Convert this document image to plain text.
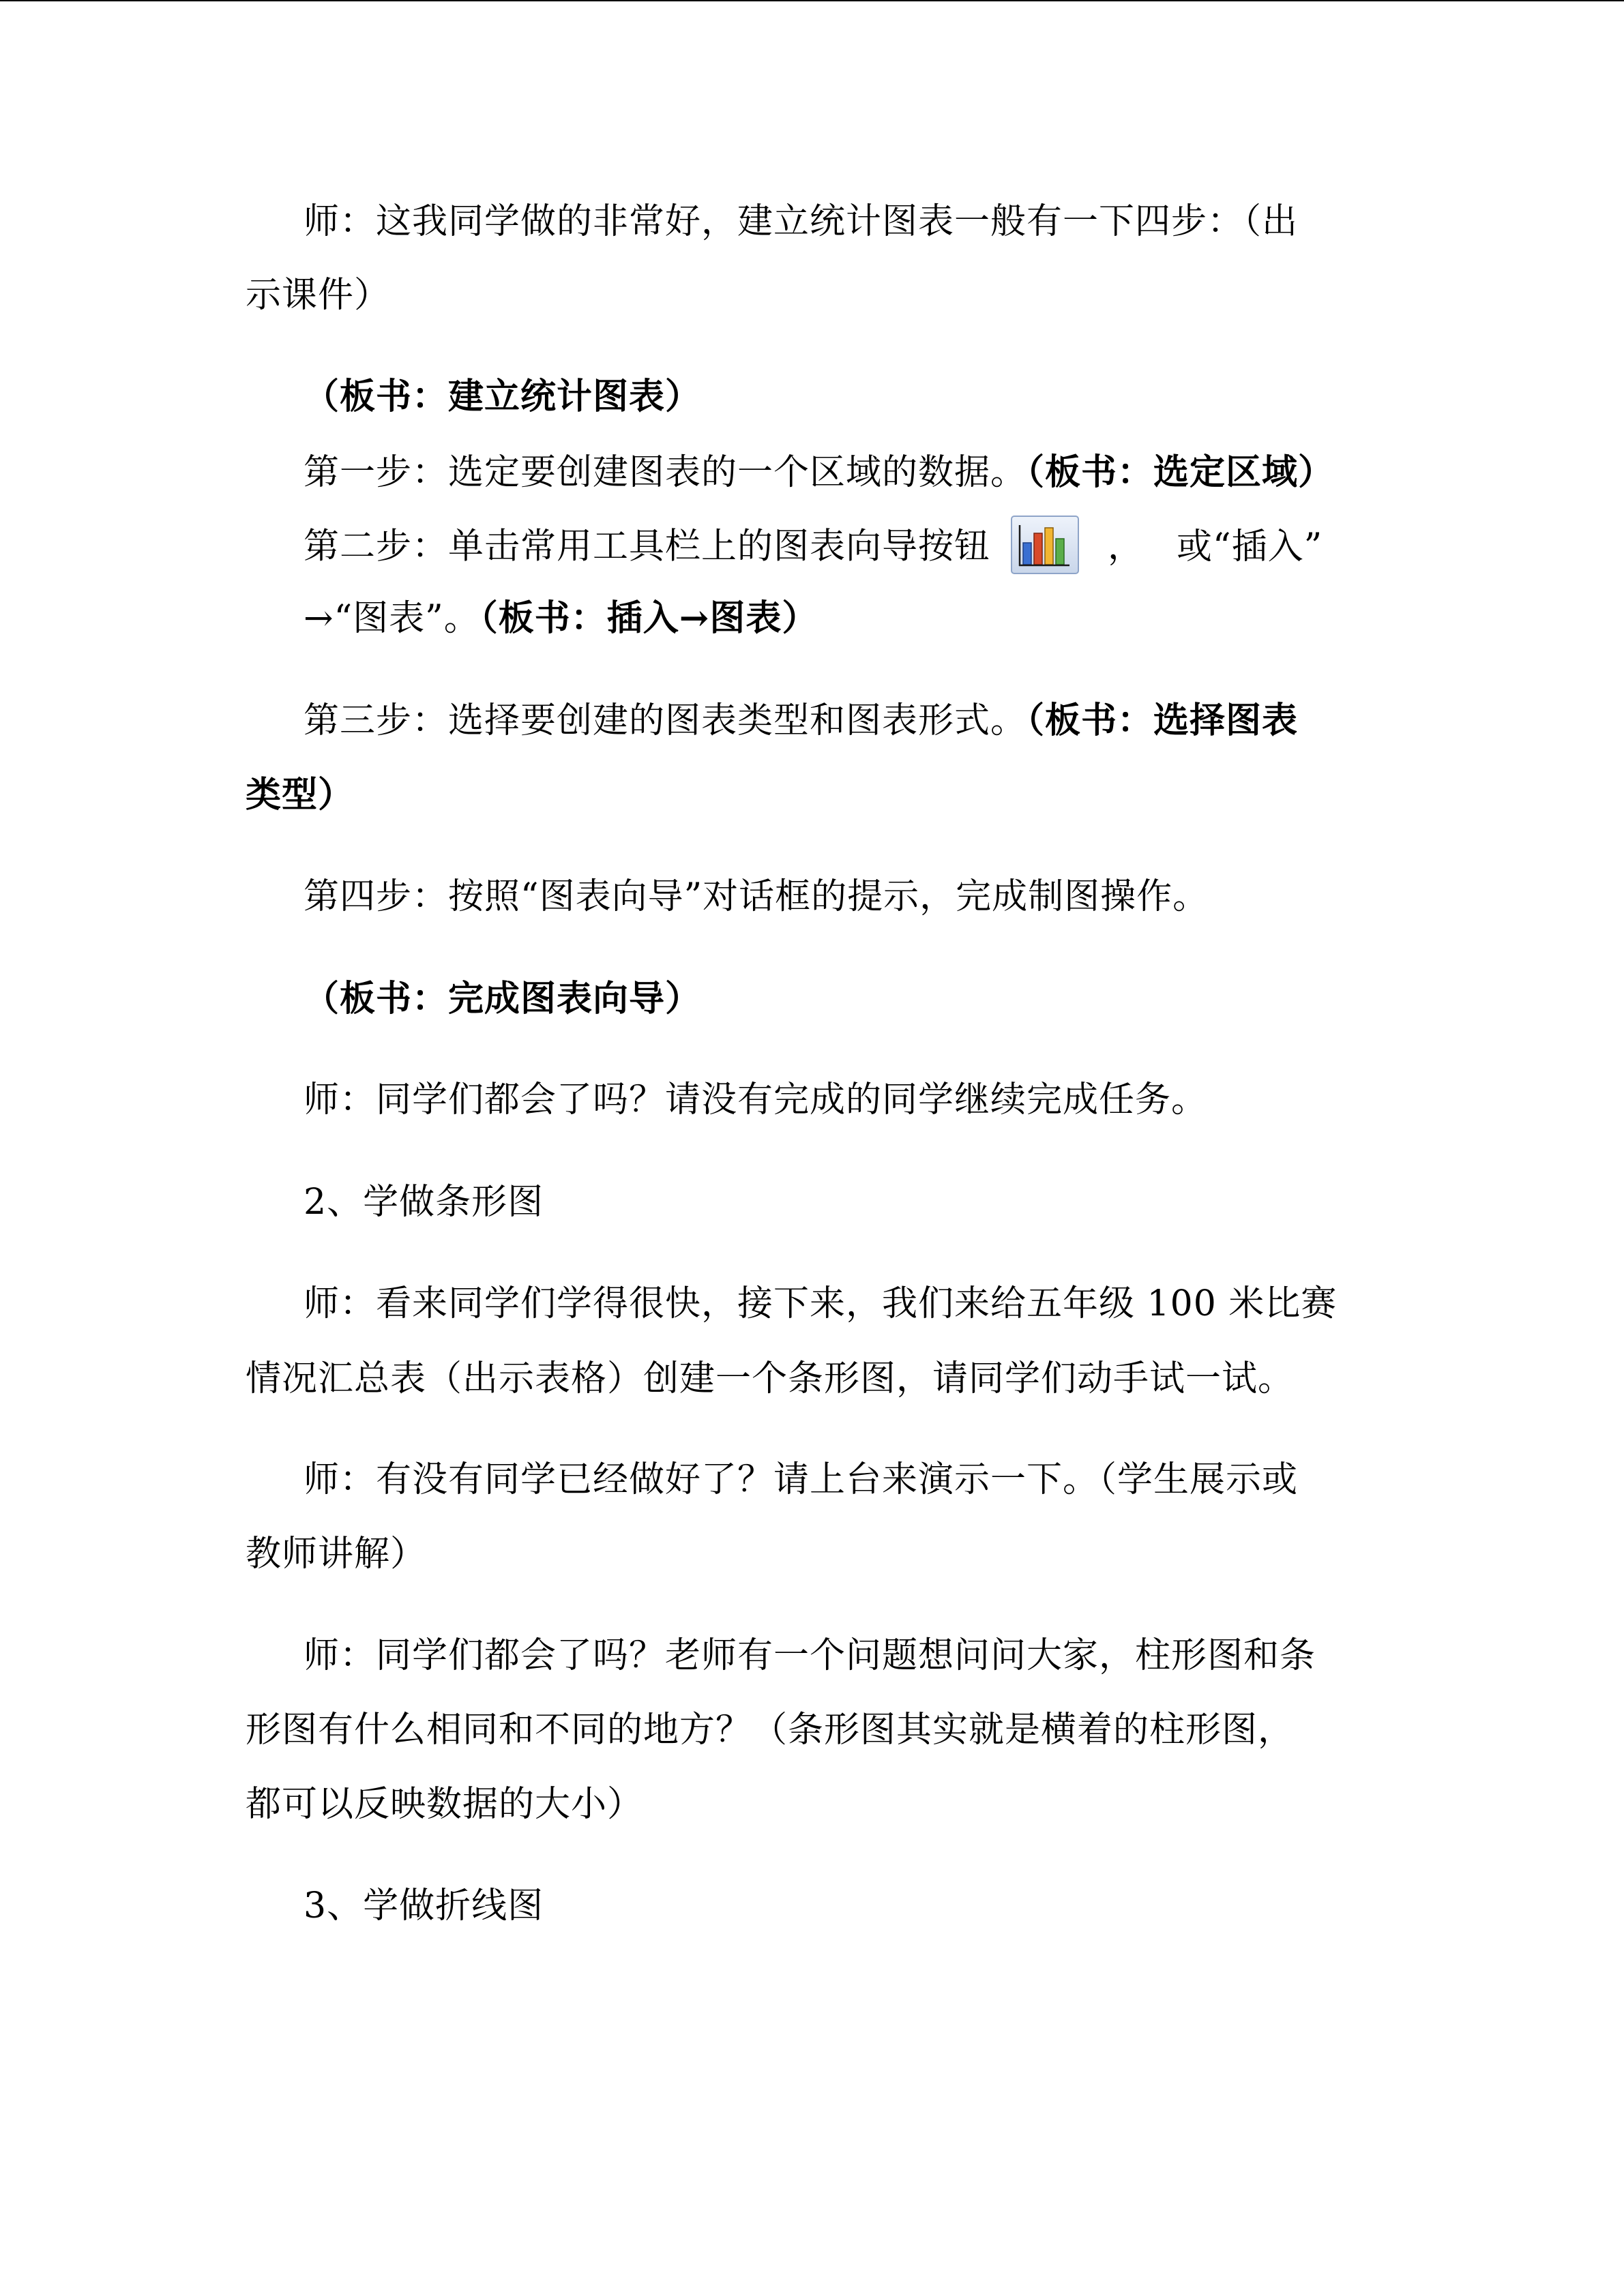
师：这我同学做的非常好，建立统计图表一般有一下四步：（出
示课件）
（板书：建立统计图表）
第一步：选定要创建图表的一个区域的数据。（板书：选定区域）
第二步：单击常用工具栏上的图表向导按钮	， 或“插入”
→“图表”。（板书：插入→图表）
第三步：选择要创建的图表类型和图表形式。（板书：选择图表
类型）
第四步：按照“图表向导”对话框的提示，完成制图操作。
（板书：完成图表向导）
师：同学们都会了吗？请没有完成的同学继续完成任务。
2、学做条形图
师：看来同学们学得很快，接下来，我们来给五年级 100 米比赛
情况汇总表（出示表格）创建一个条形图，请同学们动手试一试。
师：有没有同学已经做好了？请上台来演示一下。（学生展示或
教师讲解）
师：同学们都会了吗？老师有一个问题想问问大家，柱形图和条
形图有什么相同和不同的地方？（条形图其实就是横着的柱形图，
都可以反映数据的大小）
3、学做折线图
